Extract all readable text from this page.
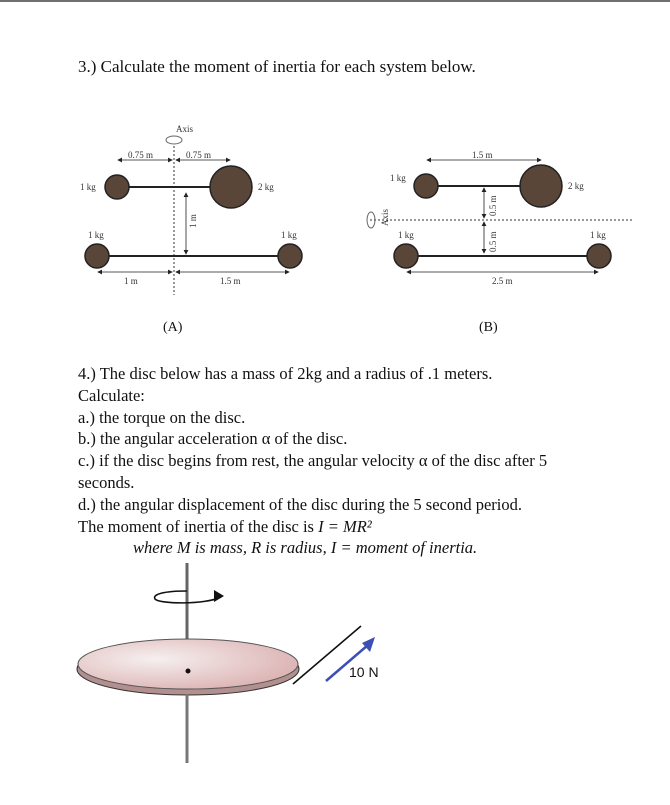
3.) Calculate the moment of inertia for each system below.
Axis
0.75 m	0.75 m
1 kg	2 kg
1 m
1 kg	1 kg
1 m	1.5 m
(A)
Axis
1.5 m
1 kg
2 kg
0.5 m
0.5 m
1 kg	1 kg
2.5 m
(B)
10 N
4.) The disc below has a mass of 2kg and a radius of .1 meters.
Calculate:
a.) the torque on the disc.
b.) the angular acceleration α of the disc.
c.) if the disc begins from rest, the angular velocity α of the disc after 5
seconds.
d.) the angular displacement of the disc during the 5 second period.
The moment of inertia of the disc is I = MR²
where M is mass, R is radius, I = moment of inertia.
